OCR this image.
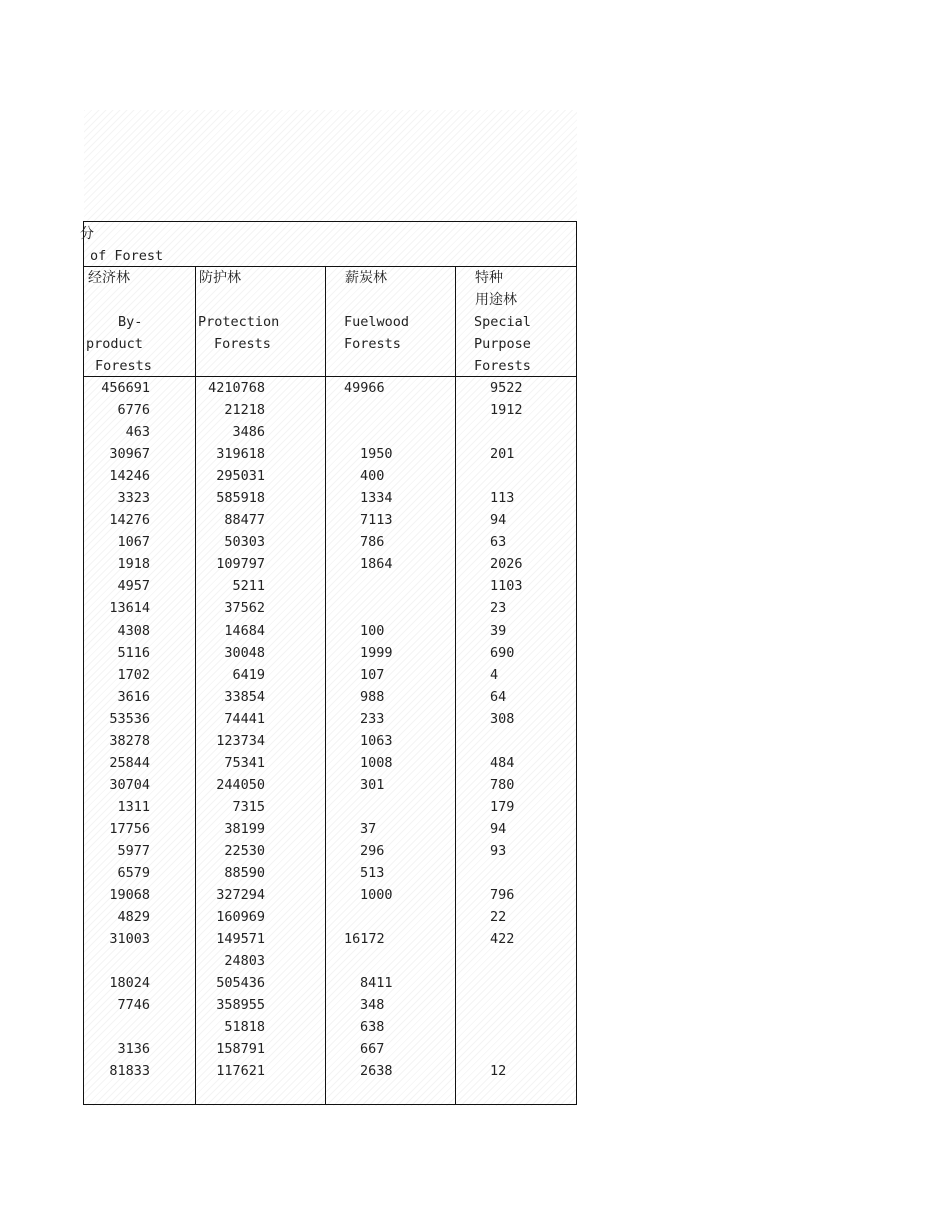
分
of Forest
经济林
By-
product
Forests
防护林
Protection
Forests
薪炭林
Fuelwood
Forests
特种
用途林
Special
Purpose
Forests
456691
6776
463
30967
14246
3323
14276
1067
1918
4957
13614
4308
5116
1702
3616
53536
38278
25844
30704
1311
17756
5977
6579
19068
4829
31003
18024
7746
3136
81833
4210768
21218
3486
319618
295031
585918
88477
50303
109797
5211
37562
14684
30048
6419
33854
74441
123734
75341
244050
7315
38199
22530
88590
327294
160969
149571
24803
505436
358955
51818
158791
117621
49966
1950
400
1334
7113
786
1864
100
1999
107
988
233
1063
1008
301
37
296
513
1000
16172
8411
348
638
667
2638
9522
1912
201
113
94
63
2026
1103
23
39
690
4
64
308
484
780
179
94
93
796
22
422
12
